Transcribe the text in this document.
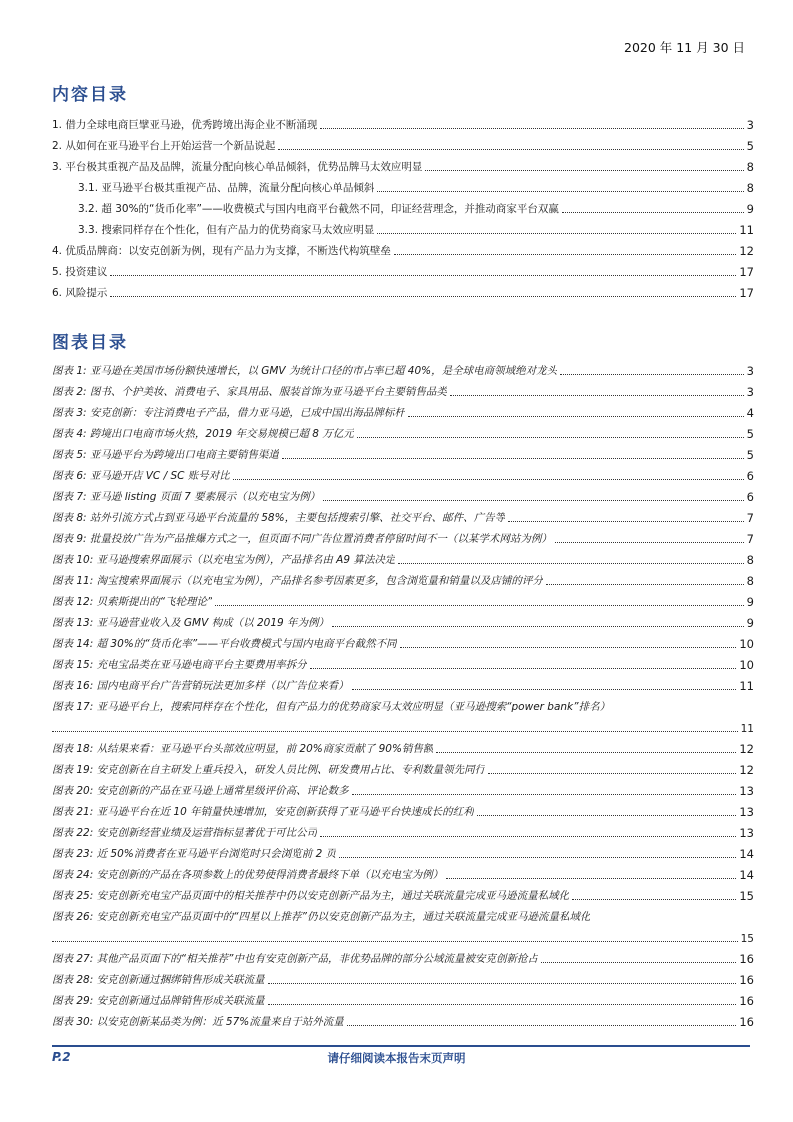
2020 年 11 月 30 日
内容目录
1. 借力全球电商巨擘亚马逊，优秀跨境出海企业不断涌现	3
2. 从如何在亚马逊平台上开始运营一个新品说起	5
3. 平台极其重视产品及品牌，流量分配向核心单品倾斜，优势品牌马太效应明显	8
3.1. 亚马逊平台极其重视产品、品牌，流量分配向核心单品倾斜	8
3.2. 超 30%的“货币化率”——收费模式与国内电商平台截然不同，印证经营理念，并推动商家平台双赢	9
3.3. 搜索同样存在个性化，但有产品力的优势商家马太效应明显	11
4. 优质品牌商：以安克创新为例，现有产品力为支撑，不断迭代构筑壁垒	12
5. 投资建议	17
6. 风险提示	17
图表目录
图表 1: 亚马逊在美国市场份额快速增长，以 GMV 为统计口径的市占率已超 40%，是全球电商领域绝对龙头	3
图表 2: 图书、个护美妆、消费电子、家具用品、服装首饰为亚马逊平台主要销售品类	3
图表 3: 安克创新：专注消费电子产品，借力亚马逊，已成中国出海品牌标杆	4
图表 4: 跨境出口电商市场火热，2019 年交易规模已超 8 万亿元	5
图表 5: 亚马逊平台为跨境出口电商主要销售渠道	5
图表 6: 亚马逊开店 VC / SC 账号对比	6
图表 7: 亚马逊 listing 页面 7 要素展示（以充电宝为例）	6
图表 8: 站外引流方式占到亚马逊平台流量的 58%，主要包括搜索引擎、社交平台、邮件、广告等	7
图表 9: 批量投放广告为产品推爆方式之一，但页面不同广告位置消费者停留时间不一（以某学术网站为例）	7
图表 10: 亚马逊搜索界面展示（以充电宝为例），产品排名由 A9 算法决定	8
图表 11: 淘宝搜索界面展示（以充电宝为例），产品排名参考因素更多，包含浏览量和销量以及店铺的评分	8
图表 12: 贝索斯提出的“飞轮理论”	9
图表 13: 亚马逊营业收入及 GMV 构成（以 2019 年为例）	9
图表 14: 超 30%的“货币化率”——平台收费模式与国内电商平台截然不同	10
图表 15: 充电宝品类在亚马逊电商平台主要费用率拆分	10
图表 16: 国内电商平台广告营销玩法更加多样（以广告位来看）	11
图表 17: 亚马逊平台上，搜索同样存在个性化，但有产品力的优势商家马太效应明显（亚马逊搜索“power bank”排名）
11
图表 18: 从结果来看：亚马逊平台头部效应明显，前 20%商家贡献了 90%销售额	12
图表 19: 安克创新在自主研发上重兵投入，研发人员比例、研发费用占比、专利数量领先同行	12
图表 20: 安克创新的产品在亚马逊上通常星级评价高、评论数多	13
图表 21: 亚马逊平台在近 10 年销量快速增加，安克创新获得了亚马逊平台快速成长的红利	13
图表 22: 安克创新经营业绩及运营指标显著优于可比公司	13
图表 23: 近 50%消费者在亚马逊平台浏览时只会浏览前 2 页	14
图表 24: 安克创新的产品在各项参数上的优势使得消费者最终下单（以充电宝为例）	14
图表 25: 安克创新充电宝产品页面中的相关推荐中仍以安克创新产品为主，通过关联流量完成亚马逊流量私域化	15
图表 26: 安克创新充电宝产品页面中的“四星以上推荐”仍以安克创新产品为主，通过关联流量完成亚马逊流量私域化
15
图表 27: 其他产品页面下的“相关推荐”中也有安克创新产品，非优势品牌的部分公域流量被安克创新抢占	16
图表 28: 安克创新通过捆绑销售形成关联流量	16
图表 29: 安克创新通过品牌销售形成关联流量	16
图表 30: 以安克创新某品类为例：近 57%流量来自于站外流量	16
P.2	请仔细阅读本报告末页声明
